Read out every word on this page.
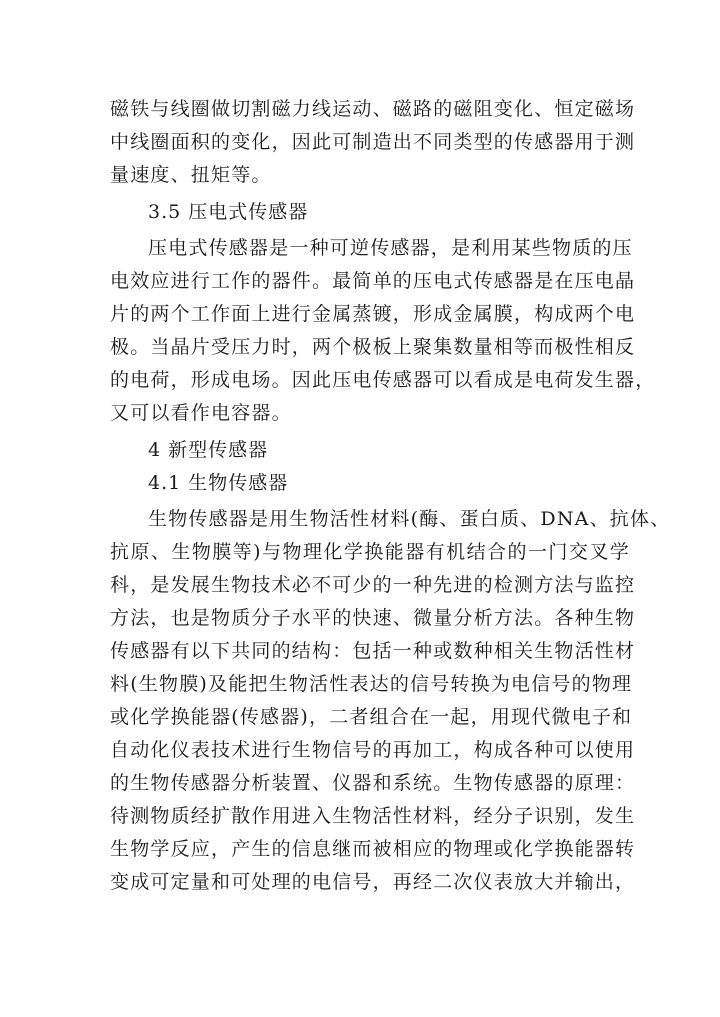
磁铁与线圈做切割磁力线运动、磁路的磁阻变化、恒定磁场
中线圈面积的变化，因此可制造出不同类型的传感器用于测
量速度、扭矩等。
3.5 压电式传感器
压电式传感器是一种可逆传感器，是利用某些物质的压
电效应进行工作的器件。最简单的压电式传感器是在压电晶
片的两个工作面上进行金属蒸镀，形成金属膜，构成两个电
极。当晶片受压力时，两个极板上聚集数量相等而极性相反
的电荷，形成电场。因此压电传感器可以看成是电荷发生器，
又可以看作电容器。
4 新型传感器
4.1 生物传感器
生物传感器是用生物活性材料(酶、蛋白质、DNA、抗体、
抗原、生物膜等)与物理化学换能器有机结合的一门交叉学
科，是发展生物技术必不可少的一种先进的检测方法与监控
方法，也是物质分子水平的快速、微量分析方法。各种生物
传感器有以下共同的结构：包括一种或数种相关生物活性材
料(生物膜)及能把生物活性表达的信号转换为电信号的物理
或化学换能器(传感器)，二者组合在一起，用现代微电子和
自动化仪表技术进行生物信号的再加工，构成各种可以使用
的生物传感器分析装置、仪器和系统。生物传感器的原理：
待测物质经扩散作用进入生物活性材料，经分子识别，发生
生物学反应，产生的信息继而被相应的物理或化学换能器转
变成可定量和可处理的电信号，再经二次仪表放大并输出，
